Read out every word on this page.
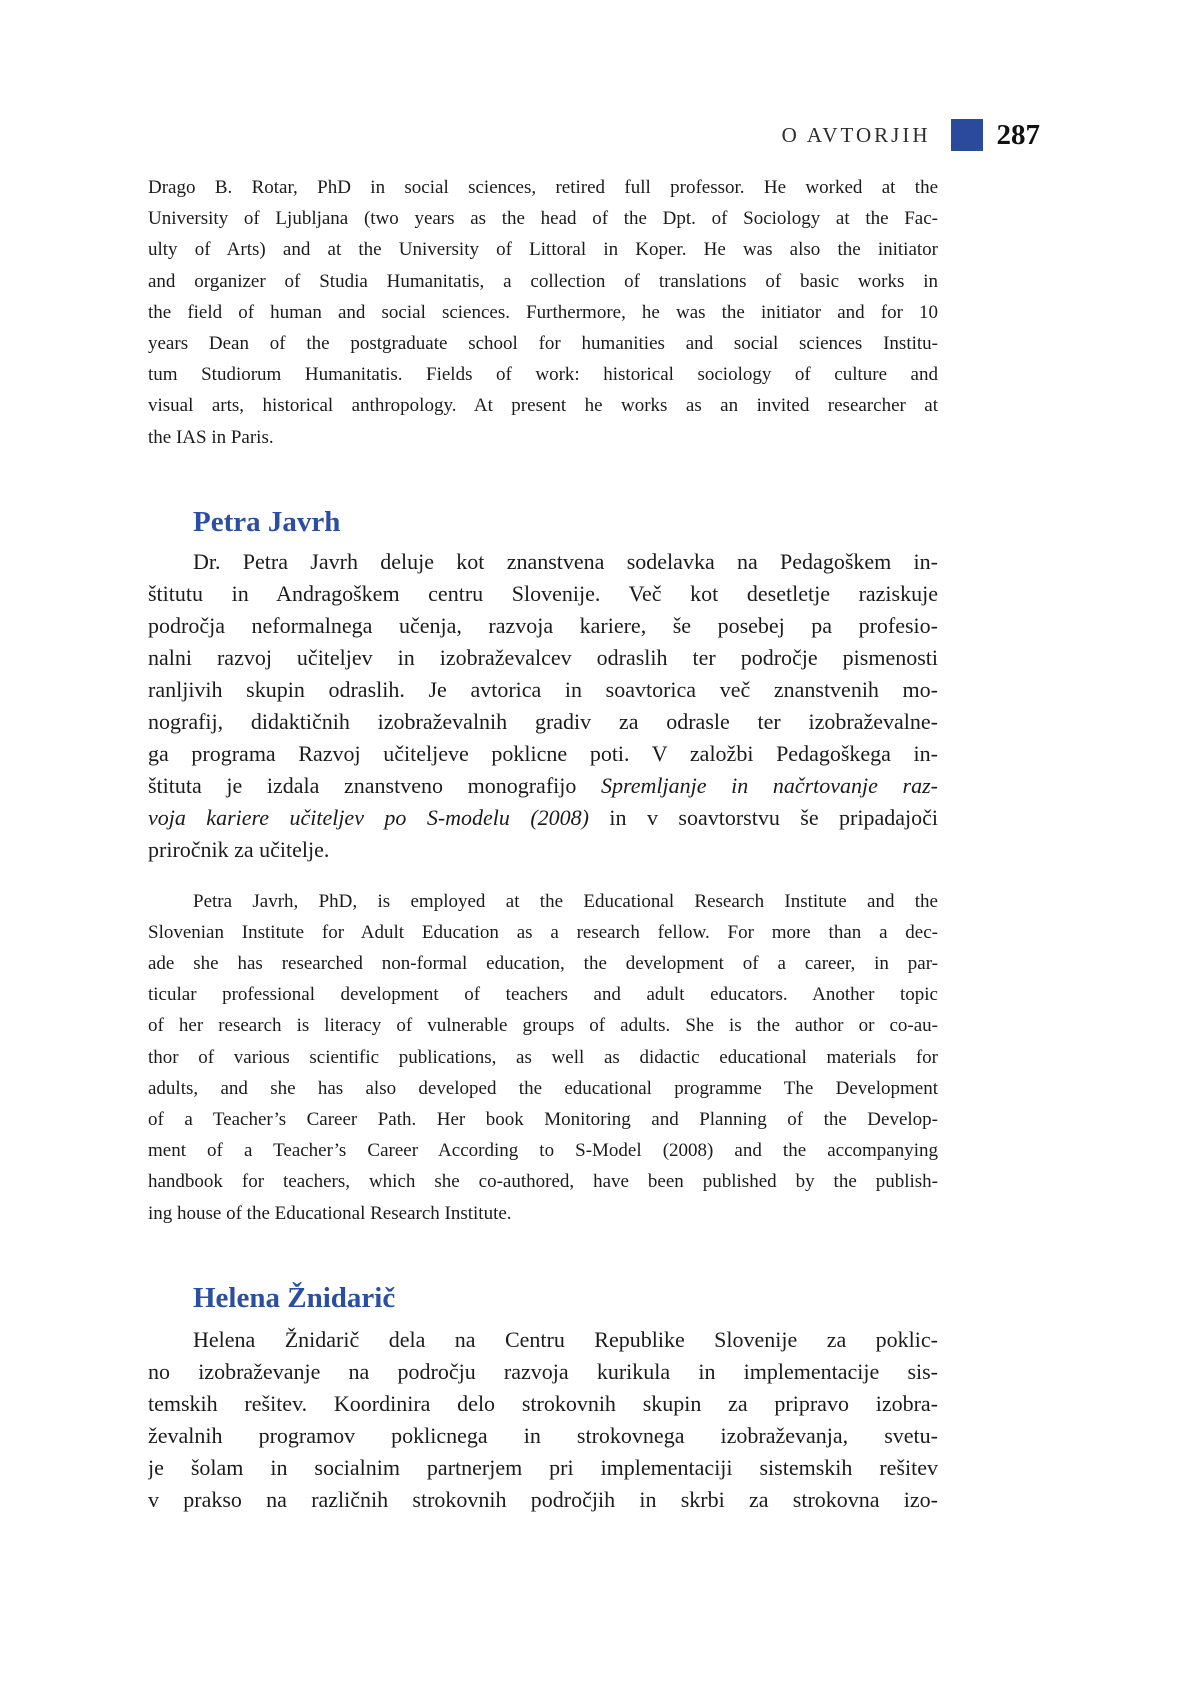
O AVTORJIH 287
Drago B. Rotar, PhD in social sciences, retired full professor. He worked at the
University of Ljubljana (two years as the head of the Dpt. of Sociology at the Fac-
ulty of Arts) and at the University of Littoral in Koper. He was also the initiator
and organizer of Studia Humanitatis, a collection of translations of basic works in
the field of human and social sciences. Furthermore, he was the initiator and for 10
years Dean of the postgraduate school for humanities and social sciences Institu-
tum Studiorum Humanitatis. Fields of work: historical sociology of culture and
visual arts, historical anthropology. At present he works as an invited researcher at
the IAS in Paris.
Petra Javrh
Dr. Petra Javrh deluje kot znanstvena sodelavka na Pedagoškem in-
štitutu in Andragoškem centru Slovenije. Več kot desetletje raziskuje
področja neformalnega učenja, razvoja kariere, še posebej pa profesio-
nalni razvoj učiteljev in izobraževalcev odraslih ter področje pismenosti
ranljivih skupin odraslih. Je avtorica in soavtorica več znanstvenih mo-
nografij, didaktičnih izobraževalnih gradiv za odrasle ter izobraževalne-
ga programa Razvoj učiteljeve poklicne poti. V založbi Pedagoškega in-
štituta je izdala znanstveno monografijo Spremljanje in načrtovanje raz-
voja kariere učiteljev po S-modelu (2008) in v soavtorstvu še pripadajoči
priročnik za učitelje.
Petra Javrh, PhD, is employed at the Educational Research Institute and the
Slovenian Institute for Adult Education as a research fellow. For more than a dec-
ade she has researched non-formal education, the development of a career, in par-
ticular professional development of teachers and adult educators. Another topic
of her research is literacy of vulnerable groups of adults. She is the author or co-au-
thor of various scientific publications, as well as didactic educational materials for
adults, and she has also developed the educational programme The Development
of a Teacher’s Career Path. Her book Monitoring and Planning of the Develop-
ment of a Teacher’s Career According to S-Model (2008) and the accompanying
handbook for teachers, which she co-authored, have been published by the publish-
ing house of the Educational Research Institute.
Helena Žnidarič
Helena Žnidarič dela na Centru Republike Slovenije za poklic-
no izobraževanje na področju razvoja kurikula in implementacije sis-
temskih rešitev. Koordinira delo strokovnih skupin za pripravo izobra-
ževalnih programov poklicnega in strokovnega izobraževanja, svetu-
je šolam in socialnim partnerjem pri implementaciji sistemskih rešitev
v prakso na različnih strokovnih področjih in skrbi za strokovna izo-
